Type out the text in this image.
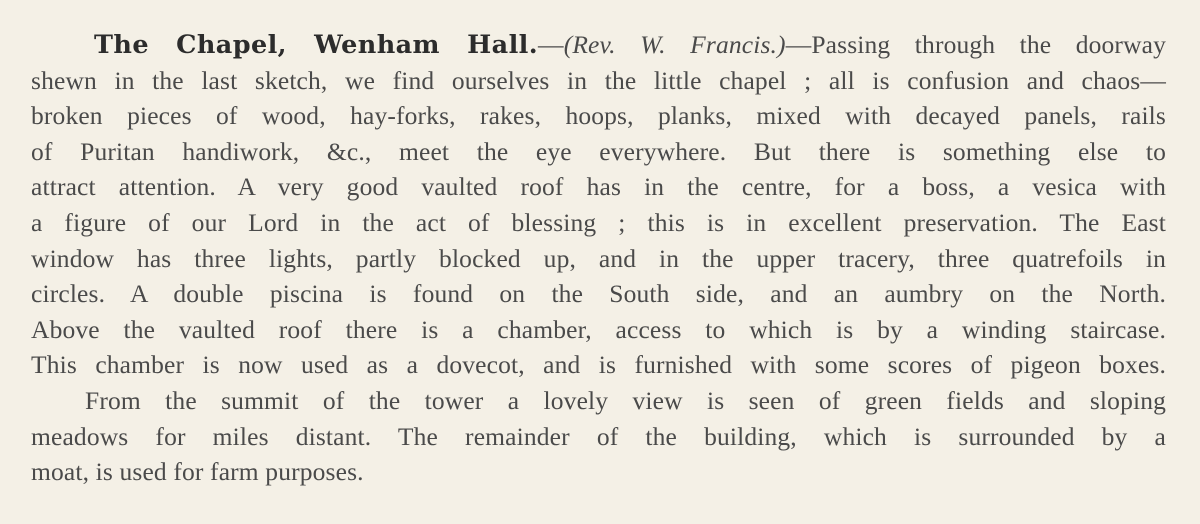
The Chapel, Wenham Hall.—(Rev. W. Francis.)—Passing through the doorway
shewn in the last sketch, we find ourselves in the little chapel ; all is confusion and chaos—
broken pieces of wood, hay-forks, rakes, hoops, planks, mixed with decayed panels, rails
of Puritan handiwork, &c., meet the eye everywhere. But there is something else to
attract attention. A very good vaulted roof has in the centre, for a boss, a vesica with
a figure of our Lord in the act of blessing ; this is in excellent preservation. The East
window has three lights, partly blocked up, and in the upper tracery, three quatrefoils in
circles. A double piscina is found on the South side, and an aumbry on the North.
Above the vaulted roof there is a chamber, access to which is by a winding staircase.
This chamber is now used as a dovecot, and is furnished with some scores of pigeon boxes.
From the summit of the tower a lovely view is seen of green fields and sloping
meadows for miles distant. The remainder of the building, which is surrounded by a
moat, is used for farm purposes.
